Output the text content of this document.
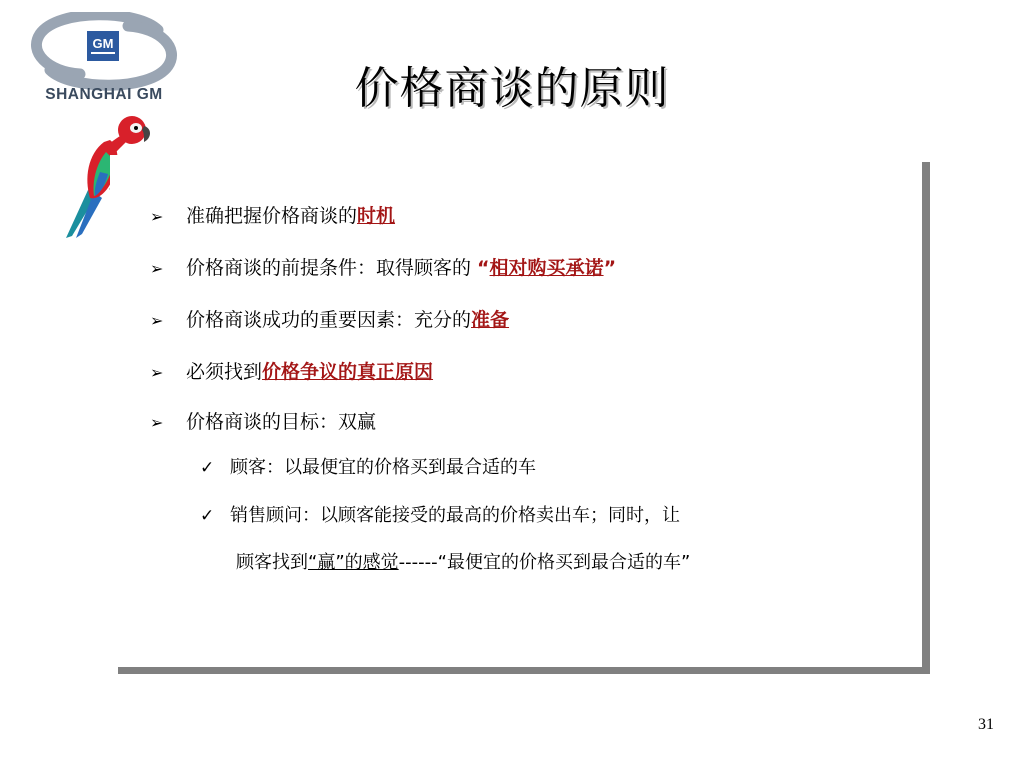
GM
SHANGHAI GM	价格商谈的原则
➢ 准确把握价格商谈的时机
➢ 价格商谈的前提条件：取得顾客的 “相对购买承诺”
➢ 价格商谈成功的重要因素：充分的准备
➢ 必须找到价格争议的真正原因
➢ 价格商谈的目标：双赢
✓ 顾客：以最便宜的价格买到最合适的车
✓ 销售顾问：以顾客能接受的最高的价格卖出车；同时，让
顾客找到“赢”的感觉------“最便宜的价格买到最合适的车”
31
